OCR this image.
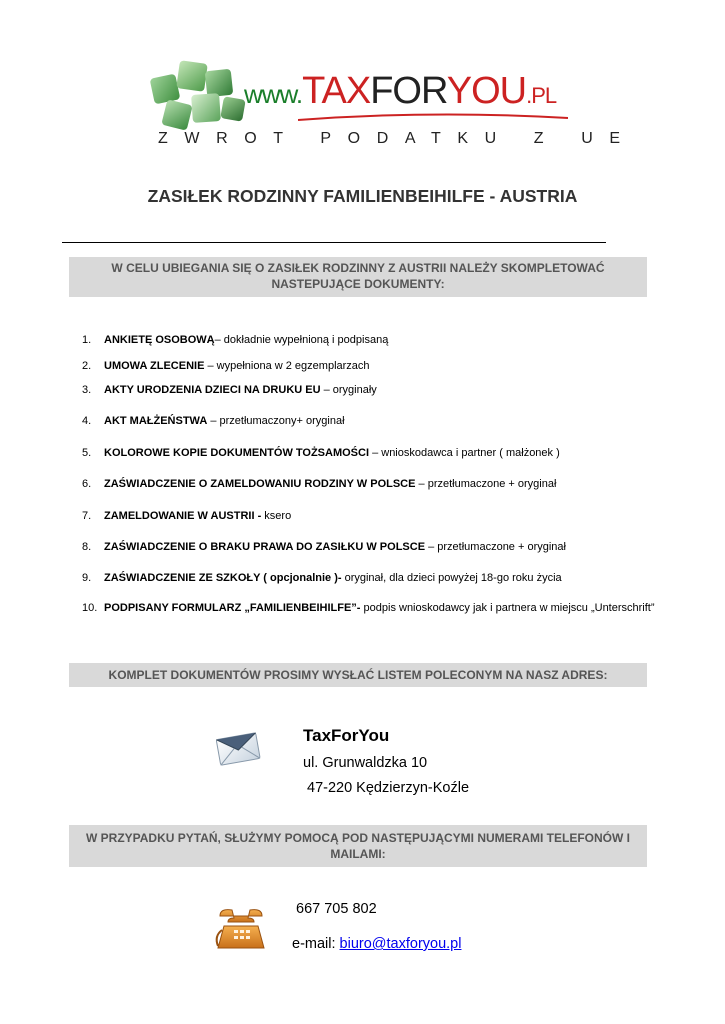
www.TAXFORYOU.PL
ZWROT PODATKU Z UE
ZASIŁEK RODZINNY FAMILIENBEIHILFE - AUSTRIA
W CELU UBIEGANIA SIĘ O ZASIŁEK RODZINNY Z AUSTRII NALEŻY SKOMPLETOWAĆ NASTEPUJĄCE DOKUMENTY:
1.	ANKIETĘ OSOBOWĄ– dokładnie wypełnioną i podpisaną
2.	UMOWA ZLECENIE – wypełniona w 2 egzemplarzach
3.	AKTY URODZENIA DZIECI NA DRUKU EU – oryginały
4.	AKT MAŁŻEŃSTWA – przetłumaczony+ oryginał
5.	KOLOROWE KOPIE DOKUMENTÓW TOŻSAMOŚCI – wnioskodawca i partner ( małżonek )
6.	ZAŚWIADCZENIE O ZAMELDOWANIU RODZINY W POLSCE – przetłumaczone + oryginał
7.	ZAMELDOWANIE W AUSTRII - ksero
8.	ZAŚWIADCZENIE O BRAKU PRAWA DO ZASIŁKU W POLSCE – przetłumaczone + oryginał
9.	ZAŚWIADCZENIE ZE SZKOŁY ( opcjonalnie )- oryginał, dla dzieci powyżej 18-go roku życia
10. PODPISANY FORMULARZ „FAMILIENBEIHILFE”- podpis wnioskodawcy jak i partnera w miejscu „Unterschrift”
KOMPLET DOKUMENTÓW PROSIMY WYSŁAĆ LISTEM POLECONYM NA NASZ ADRES:
TaxForYou
ul. Grunwaldzka 10
47-220 Kędzierzyn-Koźle
W PRZYPADKU PYTAŃ, SŁUŻYMY POMOCĄ POD NASTĘPUJĄCYMI NUMERAMI TELEFONÓW I MAILAMI:
667 705 802
e-mail: biuro@taxforyou.pl
